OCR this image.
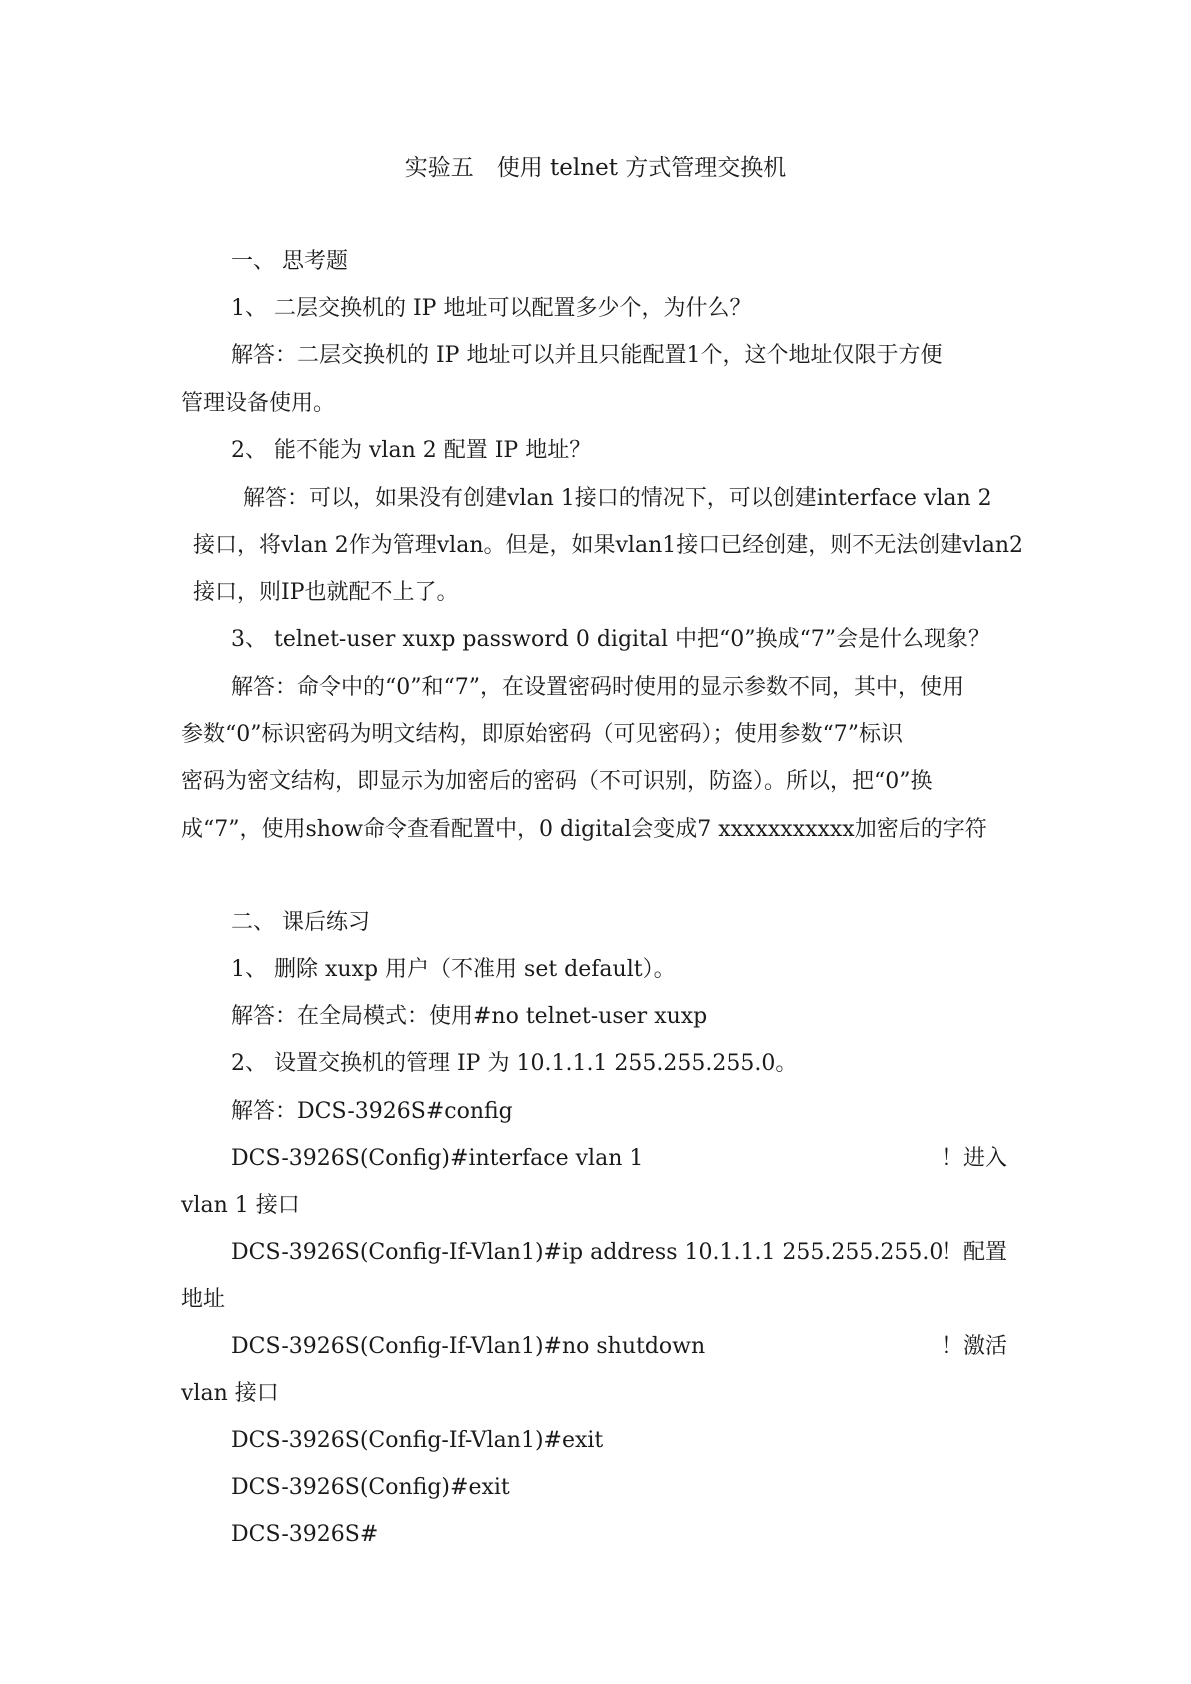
实验五　使用 telnet 方式管理交换机
一、 思考题
1、 二层交换机的 IP 地址可以配置多少个，为什么？
解答：二层交换机的 IP 地址可以并且只能配置1个，这个地址仅限于方便
管理设备使用。
2、 能不能为 vlan 2 配置 IP 地址？
解答：可以，如果没有创建vlan 1接口的情况下，可以创建interface vlan 2
接口，将vlan 2作为管理vlan。但是，如果vlan1接口已经创建，则不无法创建vlan2
接口，则IP也就配不上了。
3、 telnet-user xuxp password 0 digital 中把“0”换成“7”会是什么现象？
解答：命令中的“0”和“7”，在设置密码时使用的显示参数不同，其中，使用
参数“0”标识密码为明文结构，即原始密码（可见密码）；使用参数“7”标识
密码为密文结构，即显示为加密后的密码（不可识别，防盗）。所以，把“0”换
成“7”，使用show命令查看配置中，0 digital会变成7 xxxxxxxxxxx加密后的字符
二、 课后练习
1、 删除 xuxp 用户（不准用 set default）。
解答：在全局模式：使用#no telnet-user xuxp
2、 设置交换机的管理 IP 为 10.1.1.1 255.255.255.0。
解答：DCS-3926S#config
DCS-3926S(Config)#interface vlan 1	！进入
vlan 1 接口
DCS-3926S(Config-If-Vlan1)#ip address 10.1.1.1 255.255.255.0
！配置
地址
DCS-3926S(Config-If-Vlan1)#no shutdown	！激活
vlan 接口
DCS-3926S(Config-If-Vlan1)#exit
DCS-3926S(Config)#exit
DCS-3926S#
